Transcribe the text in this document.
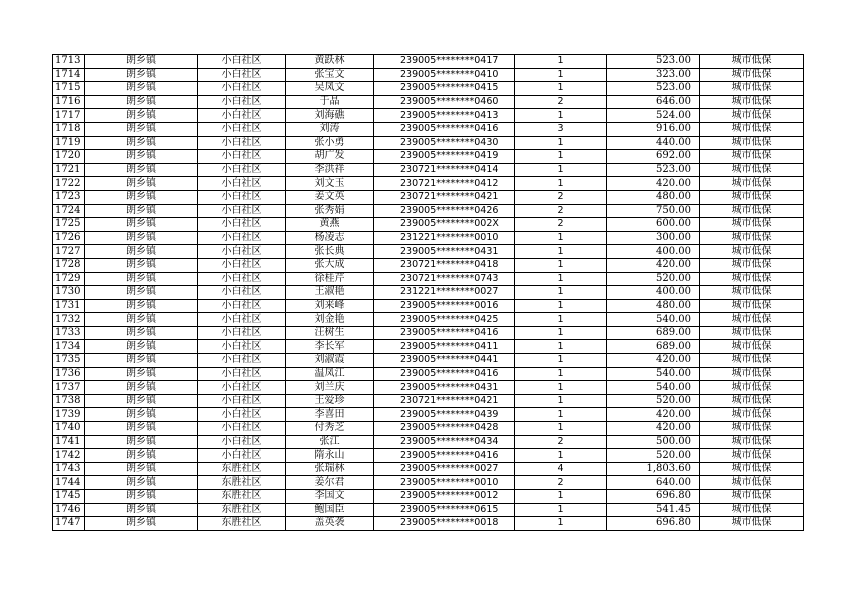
1713	朗乡镇	小白社区	黄跃林	239005********0417	1	523.00	城市低保
1714	朗乡镇	小白社区	张宝文	239005********0410	1	323.00	城市低保
1715	朗乡镇	小白社区	吴凤文	239005********0415	1	523.00	城市低保
1716	朗乡镇	小白社区	于晶	239005********0460	2	646.00	城市低保
1717	朗乡镇	小白社区	刘海礁	239005********0413	1	524.00	城市低保
1718	朗乡镇	小白社区	刘涛	239005********0416	3	916.00	城市低保
1719	朗乡镇	小白社区	张小勇	239005********0430	1	440.00	城市低保
1720	朗乡镇	小白社区	胡广发	239005********0419	1	692.00	城市低保
1721	朗乡镇	小白社区	李洪祥	230721********0414	1	523.00	城市低保
1722	朗乡镇	小白社区	刘文玉	230721********0412	1	420.00	城市低保
1723	朗乡镇	小白社区	姜文英	230721********0421	2	480.00	城市低保
1724	朗乡镇	小白社区	张秀娟	239005********0426	2	750.00	城市低保
1725	朗乡镇	小白社区	黄燕	239005********002X	2	600.00	城市低保
1726	朗乡镇	小白社区	杨凌志	231221********0010	1	300.00	城市低保
1727	朗乡镇	小白社区	张长典	239005********0431	1	400.00	城市低保
1728	朗乡镇	小白社区	张大成	230721********0418	1	420.00	城市低保
1729	朗乡镇	小白社区	徐桂芹	230721********0743	1	520.00	城市低保
1730	朗乡镇	小白社区	王淑艳	231221********0027	1	400.00	城市低保
1731	朗乡镇	小白社区	刘来峰	239005********0016	1	480.00	城市低保
1732	朗乡镇	小白社区	刘金艳	239005********0425	1	540.00	城市低保
1733	朗乡镇	小白社区	汪树生	239005********0416	1	689.00	城市低保
1734	朗乡镇	小白社区	李长军	239005********0411	1	689.00	城市低保
1735	朗乡镇	小白社区	刘淑霞	239005********0441	1	420.00	城市低保
1736	朗乡镇	小白社区	温凤江	239005********0416	1	540.00	城市低保
1737	朗乡镇	小白社区	刘兰庆	239005********0431	1	540.00	城市低保
1738	朗乡镇	小白社区	王爱珍	230721********0421	1	520.00	城市低保
1739	朗乡镇	小白社区	李喜田	239005********0439	1	420.00	城市低保
1740	朗乡镇	小白社区	付秀芝	239005********0428	1	420.00	城市低保
1741	朗乡镇	小白社区	张江	239005********0434	2	500.00	城市低保
1742	朗乡镇	小白社区	隋永山	239005********0416	1	520.00	城市低保
1743	朗乡镇	东胜社区	张瑞林	239005********0027	4	1,803.60	城市低保
1744	朗乡镇	东胜社区	姜尔君	239005********0010	2	640.00	城市低保
1745	朗乡镇	东胜社区	李国文	239005********0012	1	696.80	城市低保
1746	朗乡镇	东胜社区	鲍国臣	239005********0615	1	541.45	城市低保
1747	朗乡镇	东胜社区	盖英袭	239005********0018	1	696.80	城市低保
